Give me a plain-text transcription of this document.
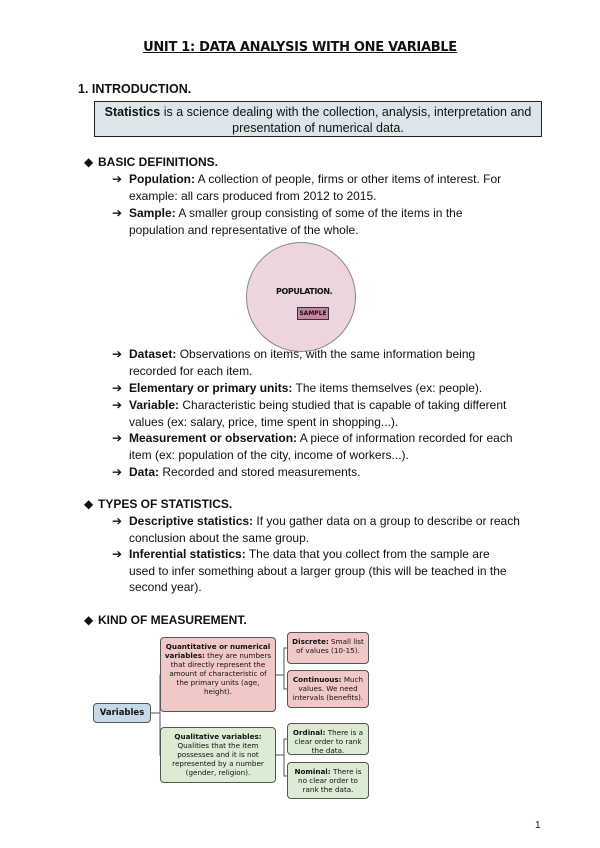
UNIT 1: DATA ANALYSIS WITH ONE VARIABLE
1. INTRODUCTION.
Statistics is a science dealing with the collection, analysis, interpretation and
presentation of numerical data.
◆ BASIC DEFINITIONS.
➔ Population: A collection of people, firms or other items of interest. For
example: all cars produced from 2012 to 2015.
➔ Sample: A smaller group consisting of some of the items in the
population and representative of the whole.
POPULATION.
SAMPLE
➔ Dataset: Observations on items, with the same information being
recorded for each item.
➔ Elementary or primary units: The items themselves (ex: people).
➔ Variable: Characteristic being studied that is capable of taking different
values (ex: salary, price, time spent in shopping...).
➔ Measurement or observation: A piece of information recorded for each
item (ex: population of the city, income of workers...).
➔ Data: Recorded and stored measurements.
◆ TYPES OF STATISTICS.
➔ Descriptive statistics: If you gather data on a group to describe or reach
conclusion about the same group.
➔ Inferential statistics: The data that you collect from the sample are
used to infer something about a larger group (this will be teached in the
second year).
◆ KIND OF MEASUREMENT.
Variables
Quantitative or numerical variables: they are numbers that directly represent the amount of characteristic of the primary units (age, height).
Qualitative variables: Qualities that the item possesses and it is not represented by a number (gender, religion).
Discrete: Small list of values (10-15).
Continuous: Much values. We need intervals (benefits).
Ordinal: There is a clear order to rank the data.
Nominal: There is no clear order to rank the data.
1
